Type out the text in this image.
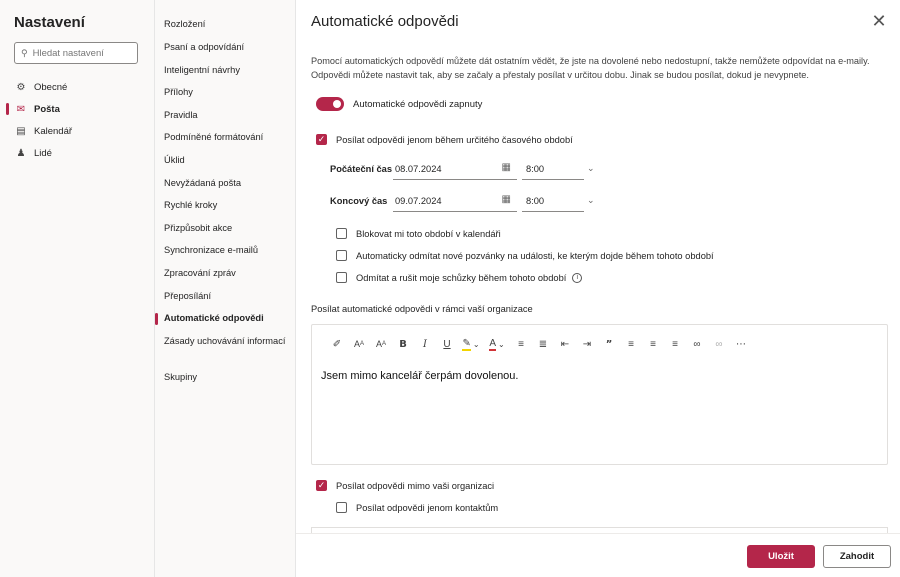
Nastavení
⚲
Hledat nastavení
⚙ Obecné
✉ Pošta
▤ Kalendář
♟ Lidé
Rozložení
Psaní a odpovídání
Inteligentní návrhy
Přílohy
Pravidla
Podmíněné formátování
Úklid
Nevyžádaná pošta
Rychlé kroky
Přizpůsobit akce
Synchronizace e-mailů
Zpracování zpráv
Přeposílání
Automatické odpovědi
Zásady uchovávání informací
Skupiny
Automatické odpovědi	✕
Pomocí automatických odpovědí můžete dát ostatním vědět, že jste na dovolené nebo nedostupní, takže nemůžete odpovídat na e-maily. Odpovědi můžete nastavit tak, aby se začaly a přestaly posílat v určitou dobu. Jinak se budou posílat, dokud je nevypnete.
Automatické odpovědi zapnuty
✓ Posílat odpovědi jenom během určitého časového období
Počáteční čas 08.07.2024	▦ 8:00	⌄
Koncový čas 09.07.2024	▦ 8:00	⌄
Blokovat mi toto období v kalendáři
Automaticky odmítat nové pozvánky na události, ke kterým dojde během tohoto období
Odmítat a rušit moje schůzky během tohoto období	i
Posílat automatické odpovědi v rámci vaší organizace
✐	A A	A A	B	I	U	✎ ⌄ A ⌄	≡	≣	⇤	⇥	”	≡	≡	≡	∞	∞	⋯
Jsem mimo kancelář čerpám dovolenou.
✓ Posílat odpovědi mimo vaši organizaci
Posílat odpovědi jenom kontaktům
Uložit	Zahodit
